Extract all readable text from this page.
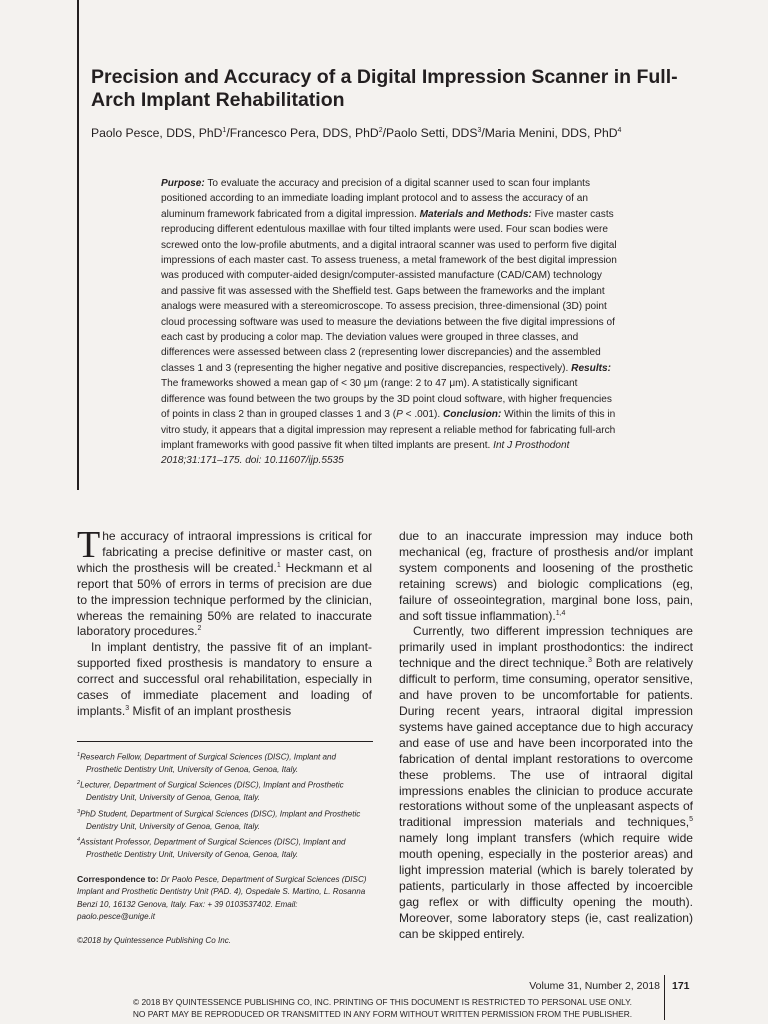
Precision and Accuracy of a Digital Impression Scanner in Full-Arch Implant Rehabilitation
Paolo Pesce, DDS, PhD$^1$/Francesco Pera, DDS, PhD$^2$/Paolo Setti, DDS$^3$/Maria Menini, DDS, PhD$^4$
Purpose: To evaluate the accuracy and precision of a digital scanner used to scan four implants positioned according to an immediate loading implant protocol and to assess the accuracy of an aluminum framework fabricated from a digital impression. Materials and Methods: Five master casts reproducing different edentulous maxillae with four tilted implants were used. Four scan bodies were screwed onto the low-profile abutments, and a digital intraoral scanner was used to perform five digital impressions of each master cast. To assess trueness, a metal framework of the best digital impression was produced with computer-aided design/computer-assisted manufacture (CAD/CAM) technology and passive fit was assessed with the Sheffield test. Gaps between the frameworks and the implant analogs were measured with a stereomicroscope. To assess precision, three-dimensional (3D) point cloud processing software was used to measure the deviations between the five digital impressions of each cast by producing a color map. The deviation values were grouped in three classes, and differences were assessed between class 2 (representing lower discrepancies) and the assembled classes 1 and 3 (representing the higher negative and positive discrepancies, respectively). Results: The frameworks showed a mean gap of < 30 μm (range: 2 to 47 μm). A statistically significant difference was found between the two groups by the 3D point cloud software, with higher frequencies of points in class 2 than in grouped classes 1 and 3 (P < .001). Conclusion: Within the limits of this in vitro study, it appears that a digital impression may represent a reliable method for fabricating full-arch implant frameworks with good passive fit when tilted implants are present. Int J Prosthodont 2018;31:171–175. doi: 10.11607/ijp.5535

The accuracy of intraoral impressions is critical for fabricating a precise definitive or master cast, on which the prosthesis will be created.$^1$ Heckmann et al report that 50% of errors in terms of precision are due to the impression technique performed by the clinician, whereas the remaining 50% are related to inaccurate laboratory procedures.$^2$

In implant dentistry, the passive fit of an implant-supported fixed prosthesis is mandatory to ensure a correct and successful oral rehabilitation, especially in cases of immediate placement and loading of implants.$^3$ Misfit of an implant prosthesis

$^1$Research Fellow, Department of Surgical Sciences (DISC), Implant and Prosthetic Dentistry Unit, University of Genoa, Genoa, Italy.
$^2$Lecturer, Department of Surgical Sciences (DISC), Implant and Prosthetic Dentistry Unit, University of Genoa, Genoa, Italy.
$^3$PhD Student, Department of Surgical Sciences (DISC), Implant and Prosthetic Dentistry Unit, University of Genoa, Genoa, Italy.
$^4$Assistant Professor, Department of Surgical Sciences (DISC), Implant and Prosthetic Dentistry Unit, University of Genoa, Genoa, Italy.
Correspondence to: Dr Paolo Pesce, Department of Surgical Sciences (DISC) Implant and Prosthetic Dentistry Unit (PAD. 4), Ospedale S. Martino, L. Rosanna Benzi 10, 16132 Genova, Italy. Fax: + 39 0103537402. Email: paolo.pesce@unige.it
©2018 by Quintessence Publishing Co Inc.

due to an inaccurate impression may induce both mechanical (eg, fracture of prosthesis and/or implant system components and loosening of the prosthetic retaining screws) and biologic complications (eg, failure of osseointegration, marginal bone loss, pain, and soft tissue inflammation).$^{1,4}$

Currently, two different impression techniques are primarily used in implant prosthodontics: the indirect technique and the direct technique.$^3$ Both are relatively difficult to perform, time consuming, operator sensitive, and have proven to be uncomfortable for patients. During recent years, intraoral digital impression systems have gained acceptance due to high accuracy and ease of use and have been incorporated into the fabrication of dental implant restorations to overcome these problems. The use of intraoral digital impressions enables the clinician to produce accurate restorations without some of the unpleasant aspects of traditional impression materials and techniques,$^5$ namely long implant transfers (which require wide mouth opening, especially in the posterior areas) and light impression material (which is barely tolerated by patients, particularly in those affected by incoercible gag reflex or with difficulty opening the mouth). Moreover, some laboratory steps (ie, cast realization) can be skipped entirely.

Volume 31, Number 2, 2018 171
© 2018 BY QUINTESSENCE PUBLISHING CO, INC. PRINTING OF THIS DOCUMENT IS RESTRICTED TO PERSONAL USE ONLY.
NO PART MAY BE REPRODUCED OR TRANSMITTED IN ANY FORM WITHOUT WRITTEN PERMISSION FROM THE PUBLISHER.
